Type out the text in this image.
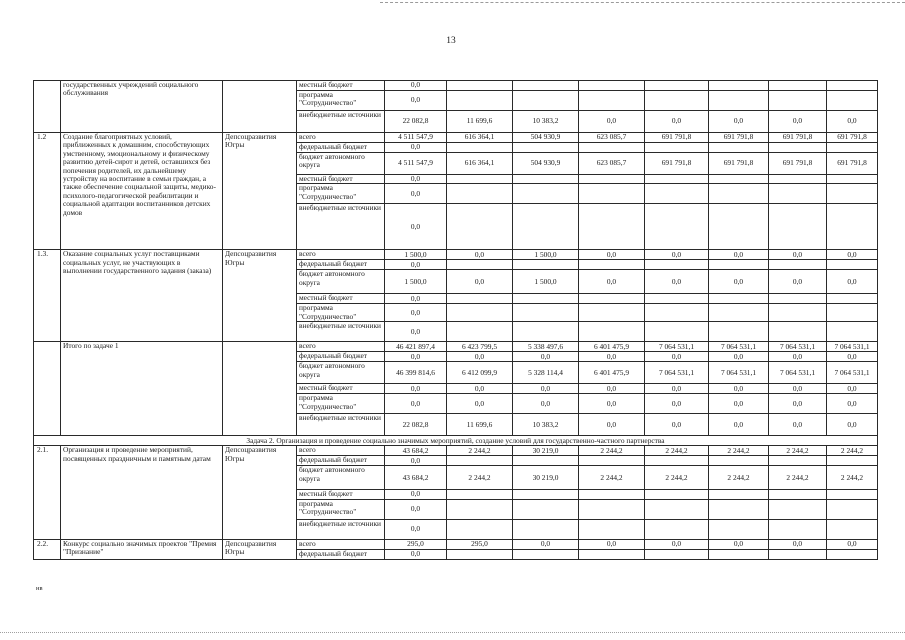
13
	государственных учреждений социального обслуживания		местный бюджет	0,0							
			программа "Сотрудничество"	0,0							
			внебюджетные источники	22 082,8	11 699,6	10 383,2	0,0	0,0	0,0	0,0	0,0
1.2	Создание благоприятных условий, приближенных к домашним, способствующих умственному, эмоциональному и физическому развитию детей-сирот и детей, оставшихся без попечения родителей, их дальнейшему устройству на воспитание в семьи граждан, а также обеспечение социальной защиты, медико-психолого-педагогической реабилитации и социальной адаптации воспитанников детских домов	Депсоцразвития Югры	всего	4 511 547,9	616 364,1	504 930,9	623 085,7	691 791,8	691 791,8	691 791,8	691 791,8
			федеральный бюджет	0,0							
			бюджет автономного округа	4 511 547,9	616 364,1	504 930,9	623 085,7	691 791,8	691 791,8	691 791,8	691 791,8
			местный бюджет	0,0							
			программа "Сотрудничество"	0,0							
			внебюджетные источники	0,0							
1.3.	Оказание социальных услуг поставщиками социальных услуг, не участвующих в выполнении государственного задания (заказа)	Депсоцразвития Югры	всего	1 500,0	0,0	1 500,0	0,0	0,0	0,0	0,0	0,0
			федеральный бюджет	0,0							
			бюджет автономного округа	1 500,0	0,0	1 500,0	0,0	0,0	0,0	0,0	0,0
			местный бюджет	0,0							
			программа "Сотрудничество"	0,0							
			внебюджетные источники	0,0							
	Итого по задаче 1		всего	46 421 897,4	6 423 799,5	5 338 497,6	6 401 475,9	7 064 531,1	7 064 531,1	7 064 531,1	7 064 531,1
			федеральный бюджет	0,0	0,0	0,0	0,0	0,0	0,0	0,0	0,0
			бюджет автономного округа	46 399 814,6	6 412 099,9	5 328 114,4	6 401 475,9	7 064 531,1	7 064 531,1	7 064 531,1	7 064 531,1
			местный бюджет	0,0	0,0	0,0	0,0	0,0	0,0	0,0	0,0
			программа "Сотрудничество"	0,0	0,0	0,0	0,0	0,0	0,0	0,0	0,0
			внебюджетные источники	22 082,8	11 699,6	10 383,2	0,0	0,0	0,0	0,0	0,0
Задача 2. Организация и проведение социально значимых мероприятий, создание условий для государственно-частного партнерства											
2.1.	Организация и проведение мероприятий, посвященных праздничным и памятным датам	Депсоцразвития Югры	всего	43 684,2	2 244,2	30 219,0	2 244,2	2 244,2	2 244,2	2 244,2	2 244,2
			федеральный бюджет	0,0							
			бюджет автономного округа	43 684,2	2 244,2	30 219,0	2 244,2	2 244,2	2 244,2	2 244,2	2 244,2
			местный бюджет	0,0							
			программа "Сотрудничество"	0,0							
			внебюджетные источники	0,0							
2.2.	Конкурс социально значимых проектов "Премия "Признание"	Депсоцразвития Югры	всего	295,0	295,0	0,0	0,0	0,0	0,0	0,0	0,0
			федеральный бюджет	0,0							
нв
